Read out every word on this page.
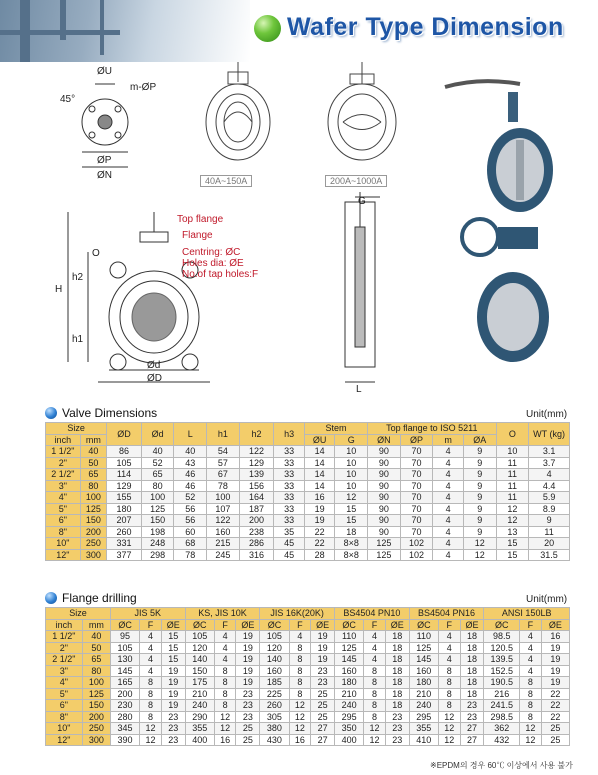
Wafer Type Dimension
ØU
m-ØP
45°
ØP
ØN	40A~150A	200A~1000A
Top flange
Flange
Centring: ØC
Holes dia: ØE
No.of tap holes:F
O
h2
H
h1
Ød
ØD
G
L
Valve Dimensions	Unit(mm)
Size		ØD	Ød	L	h1	h2	h3	Stem		Top flange to ISO 5211				O	WT (kg)
inch	mm							ØU	G	ØN	ØP	m	ØA		
1 1/2"	40	86	40	40	54	122	33	14	10	90	70	4	9	10	3.1
2"	50	105	52	43	57	129	33	14	10	90	70	4	9	11	3.7
2 1/2"	65	114	65	46	67	139	33	14	10	90	70	4	9	11	4
3"	80	129	80	46	78	156	33	14	10	90	70	4	9	11	4.4
4"	100	155	100	52	100	164	33	16	12	90	70	4	9	11	5.9
5"	125	180	125	56	107	187	33	19	15	90	70	4	9	12	8.9
6"	150	207	150	56	122	200	33	19	15	90	70	4	9	12	9
8"	200	260	198	60	160	238	35	22	18	90	70	4	9	13	11
10"	250	331	248	68	215	286	45	22	8×8	125	102	4	12	15	20
12"	300	377	298	78	245	316	45	28	8×8	125	102	4	12	15	31.5
Flange drilling	Unit(mm)
Size		JIS 5K			KS, JIS 10K			JIS 16K(20K)			BS4504 PN10			BS4504 PN16			ANSI 150LB		
inch	mm	ØC	F	ØE	ØC	F	ØE	ØC	F	ØE	ØC	F	ØE	ØC	F	ØE	ØC	F	ØE
1 1/2"	40	95	4	15	105	4	19	105	4	19	110	4	18	110	4	18	98.5	4	16
2"	50	105	4	15	120	4	19	120	8	19	125	4	18	125	4	18	120.5	4	19
2 1/2"	65	130	4	15	140	4	19	140	8	19	145	4	18	145	4	18	139.5	4	19
3"	80	145	4	19	150	8	19	160	8	23	160	8	18	160	8	18	152.5	4	19
4"	100	165	8	19	175	8	19	185	8	23	180	8	18	180	8	18	190.5	8	19
5"	125	200	8	19	210	8	23	225	8	25	210	8	18	210	8	18	216	8	22
6"	150	230	8	19	240	8	23	260	12	25	240	8	18	240	8	23	241.5	8	22
8"	200	280	8	23	290	12	23	305	12	25	295	8	23	295	12	23	298.5	8	22
10"	250	345	12	23	355	12	25	380	12	27	350	12	23	355	12	27	362	12	25
12"	300	390	12	23	400	16	25	430	16	27	400	12	23	410	12	27	432	12	25
※EPDM의 경우 60℃ 이상에서 사용 불가
